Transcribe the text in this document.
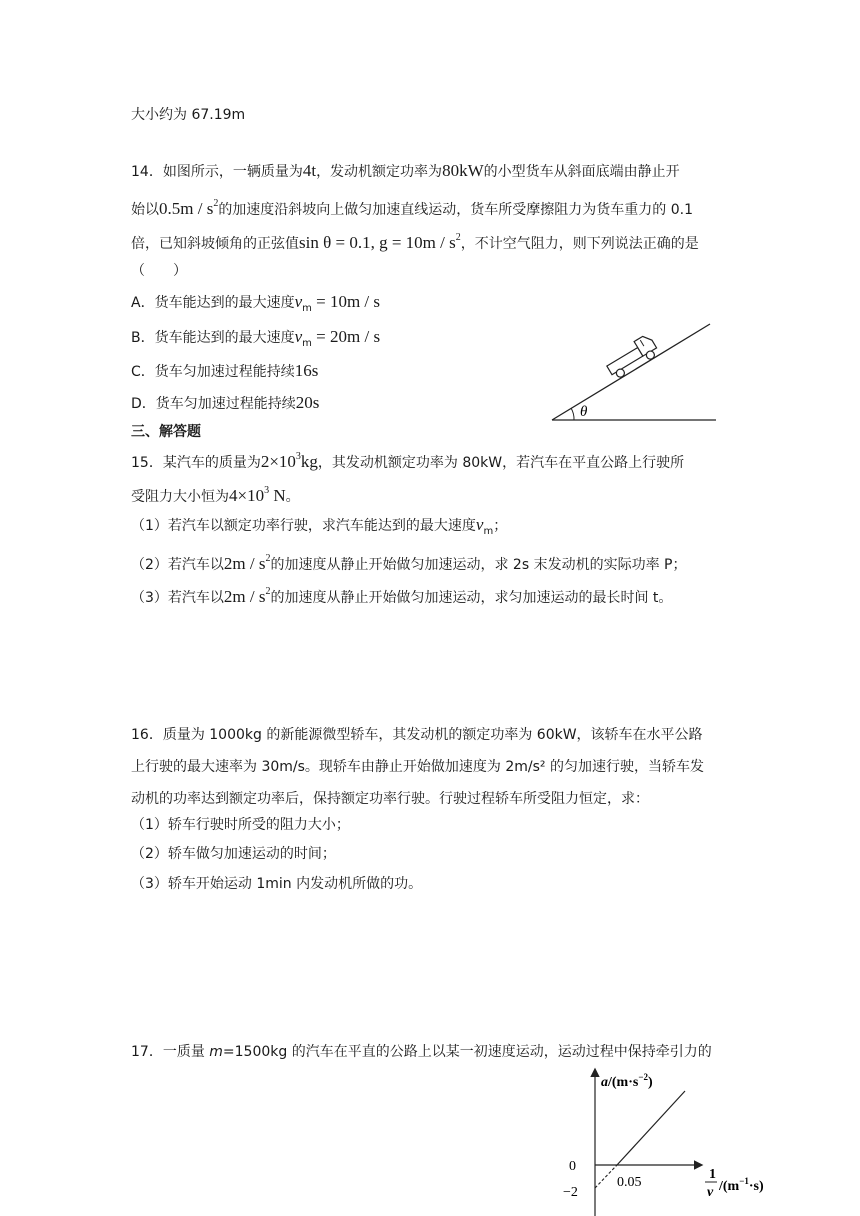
大小约为 67.19m
14．如图所示，一辆质量为4t，发动机额定功率为80kW的小型货车从斜面底端由静止开
始以$0.5m / s^2$的加速度沿斜坡向上做匀加速直线运动，货车所受摩擦阻力为货车重力的 0.1
倍，已知斜坡倾角的正弦值sin θ = 0.1, $g = 10m / s^2$，不计空气阻力，则下列说法正确的是
（　　）
A．货车能达到的最大速度$v_m = 10m / s$
B．货车能达到的最大速度$v_m = 20m / s$
C．货车匀加速过程能持续16s
D．货车匀加速过程能持续20s	θ
三、解答题
15．某汽车的质量为$2\times 10^3kg$，其发动机额定功率为 80kW，若汽车在平直公路上行驶所
受阻力大小恒为$4\times 10^3$ N。
（1）若汽车以额定功率行驶，求汽车能达到的最大速度$v_m$；
（2）若汽车以$2m / s^2$的加速度从静止开始做匀加速运动，求 2s 末发动机的实际功率 P；
（3）若汽车以$2m / s^2$的加速度从静止开始做匀加速运动，求匀加速运动的最长时间 t。
16．质量为 1000kg 的新能源微型轿车，其发动机的额定功率为 60kW，该轿车在水平公路
上行驶的最大速率为 30m/s。现轿车由静止开始做加速度为 2m/s² 的匀加速行驶，当轿车发
动机的功率达到额定功率后，保持额定功率行驶。行驶过程轿车所受阻力恒定，求：
（1）轿车行驶时所受的阻力大小；
（2）轿车做匀加速运动的时间；
（3）轿车开始运动 1min 内发动机所做的功。
17．一质量 m=1500kg 的汽车在平直的公路上以某一初速度运动，运动过程中保持牵引力的
$a/(m\cdot s^{-2})$
0
−2
0.05
1
v $/(m^{-1}\cdot s)$
